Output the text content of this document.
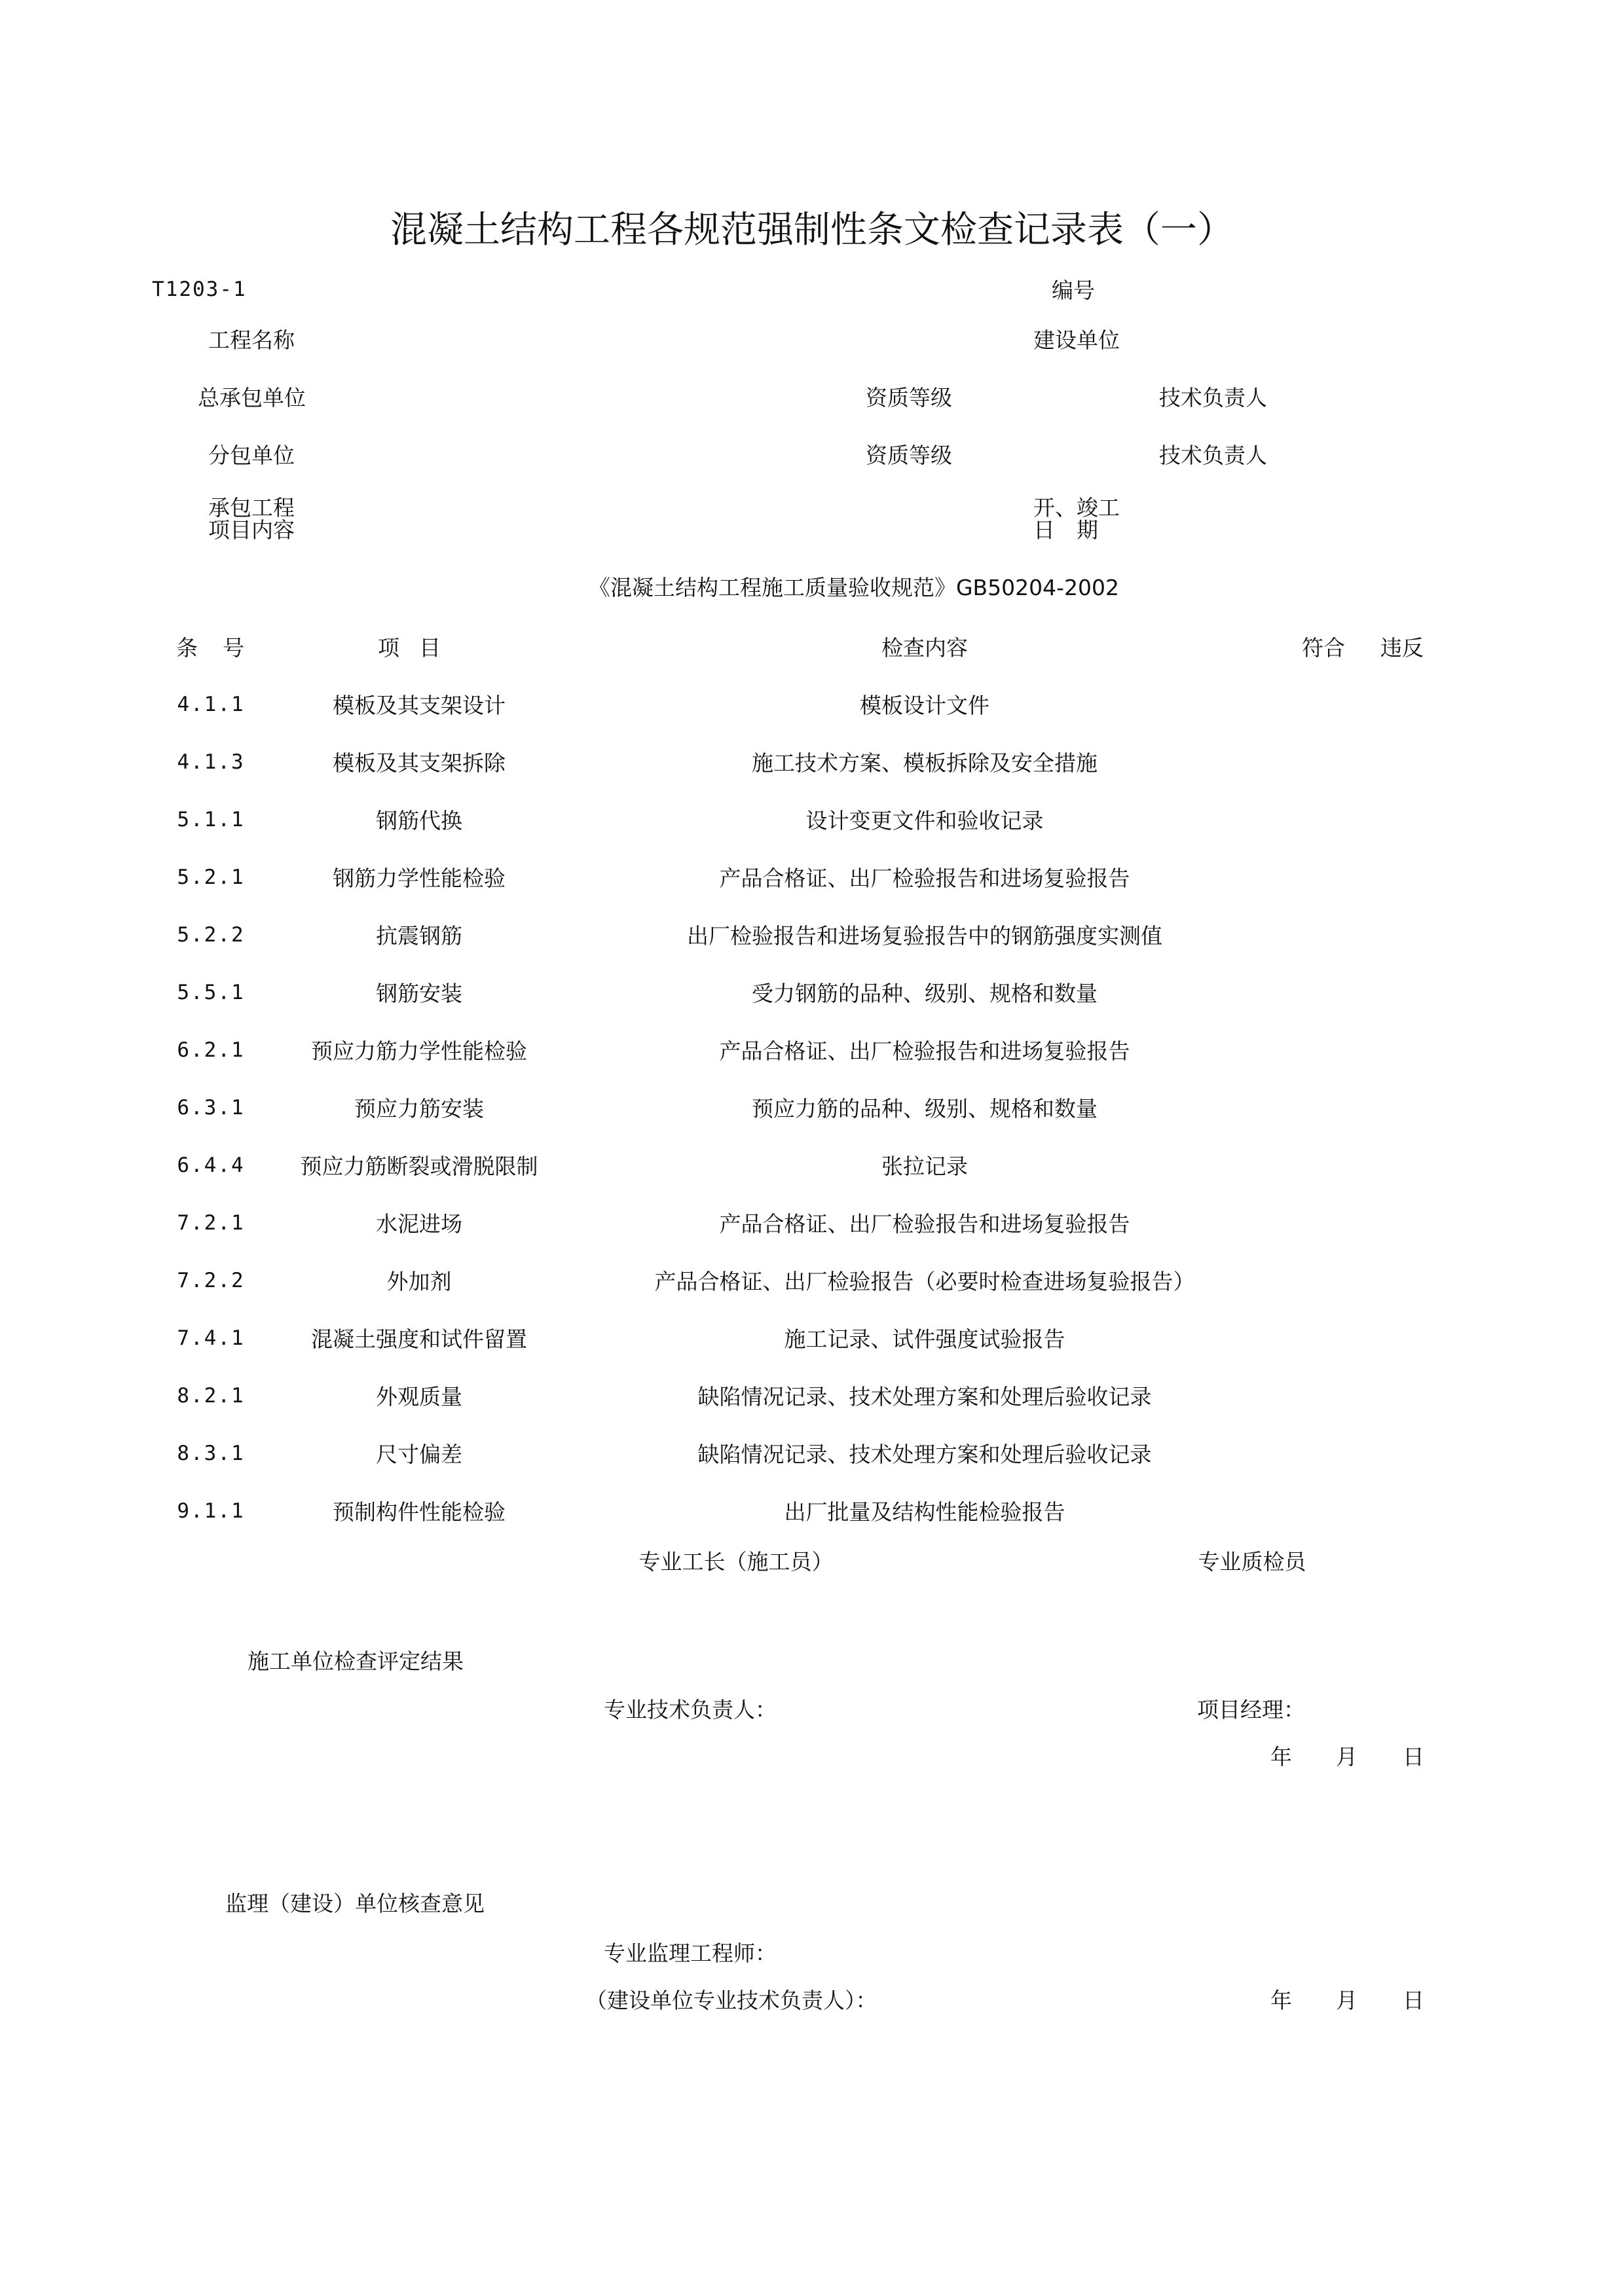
混凝土结构工程各规范强制性条文检查记录表（一）
T1203-1	编号
工程名称	建设单位
总承包单位	资质等级	技术负责人
分包单位	资质等级	技术负责人
承包工程
项目内容
开、竣工
日　期
《混凝土结构工程施工质量验收规范》GB50204-2002
条号	项目	检查内容	符合 违反
4.1.1	模板及其支架设计	模板设计文件
4.1.3	模板及其支架拆除	施工技术方案、模板拆除及安全措施
5.1.1	钢筋代换	设计变更文件和验收记录
5.2.1	钢筋力学性能检验	产品合格证、出厂检验报告和进场复验报告
5.2.2	抗震钢筋	出厂检验报告和进场复验报告中的钢筋强度实测值
5.5.1	钢筋安装	受力钢筋的品种、级别、规格和数量
6.2.1	预应力筋力学性能检验	产品合格证、出厂检验报告和进场复验报告
6.3.1	预应力筋安装	预应力筋的品种、级别、规格和数量
6.4.4	预应力筋断裂或滑脱限制	张拉记录
7.2.1	水泥进场	产品合格证、出厂检验报告和进场复验报告
7.2.2	外加剂	产品合格证、出厂检验报告（必要时检查进场复验报告）
7.4.1	混凝土强度和试件留置	施工记录、试件强度试验报告
8.2.1	外观质量	缺陷情况记录、技术处理方案和处理后验收记录
8.3.1	尺寸偏差	缺陷情况记录、技术处理方案和处理后验收记录
9.1.1	预制构件性能检验	出厂批量及结构性能检验报告
专业工长（施工员）	专业质检员
施工单位检查评定结果
专业技术负责人：	项目经理：
年 月 日
监理（建设）单位核查意见
专业监理工程师：
（建设单位专业技术负责人）：	年 月 日
